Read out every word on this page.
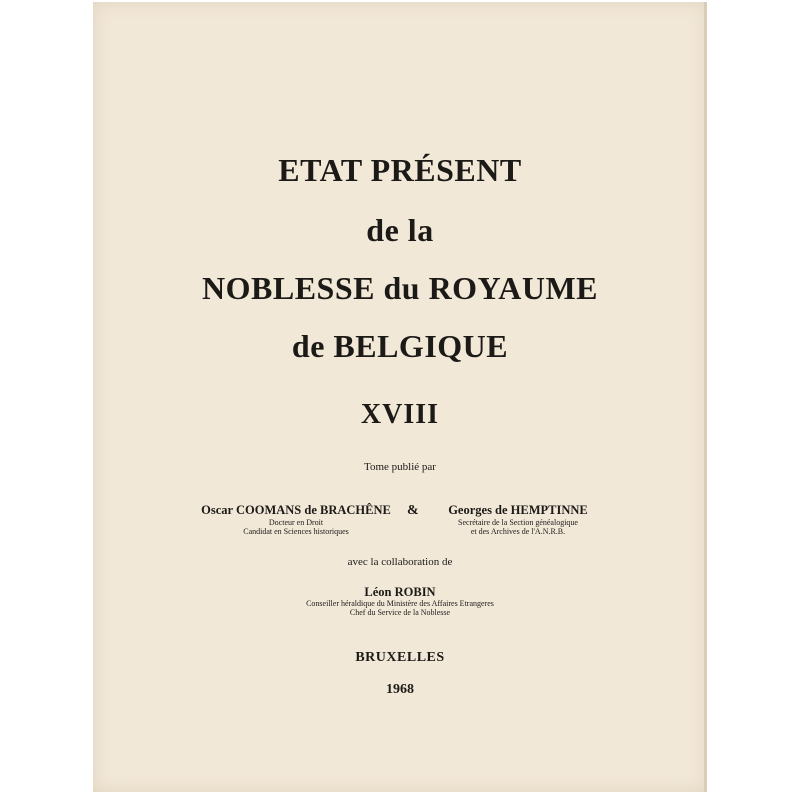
ETAT PRÉSENT
de la
NOBLESSE du ROYAUME
de BELGIQUE
XVIII
Tome publié par
Oscar COOMANS de BRACHÊNE
Docteur en Droit
Candidat en Sciences historiques
&	Georges de HEMPTINNE
Secrétaire de la Section généalogique
et des Archives de l'A.N.R.B.
avec la collaboration de
Léon ROBIN
Conseiller héraldique du Ministère des Affaires Etrangeres
Chef du Service de la Noblesse
BRUXELLES
1968
